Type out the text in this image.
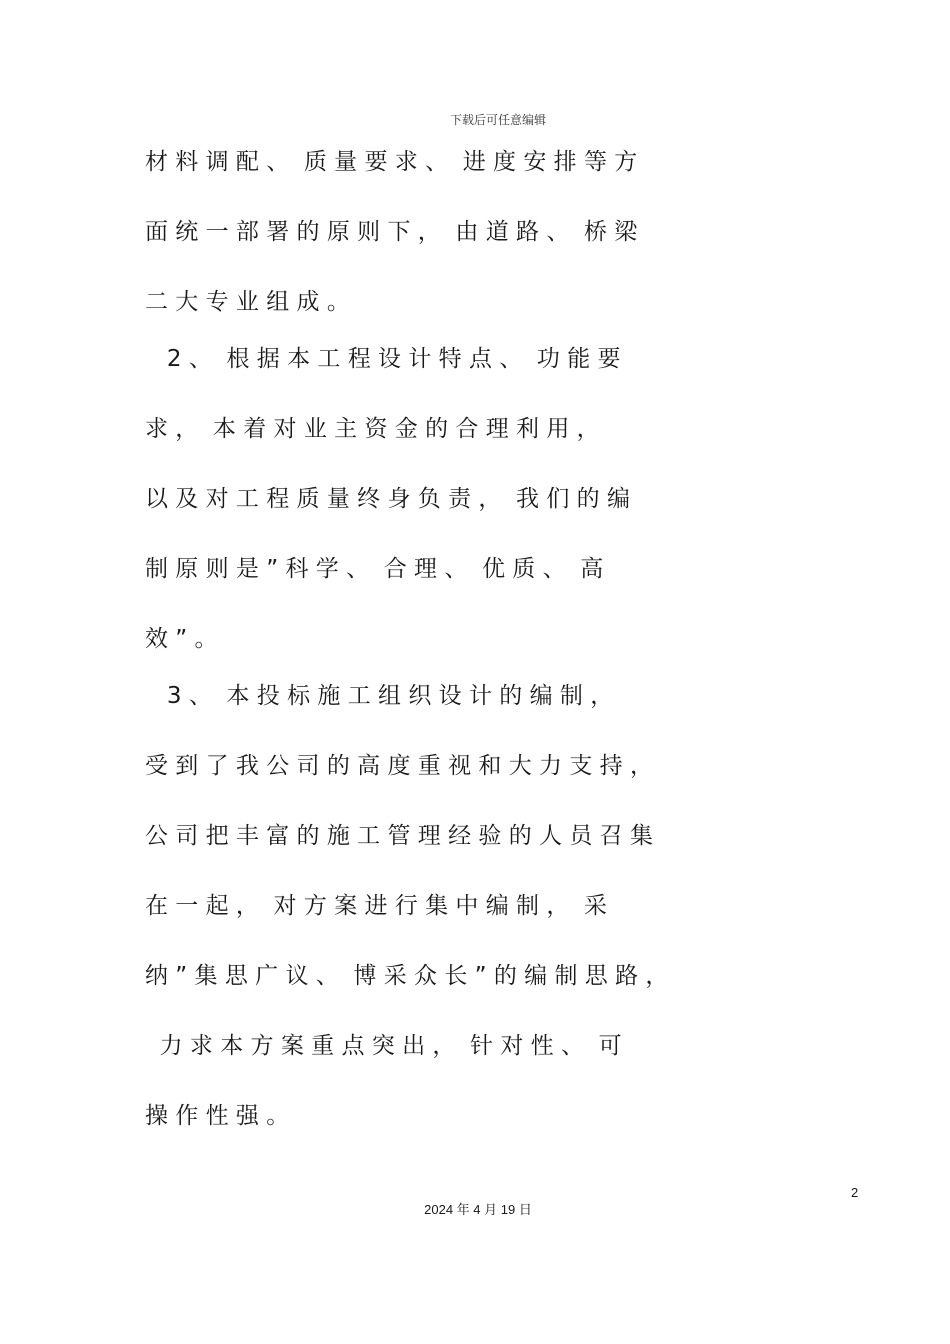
下载后可任意编辑
材 料 调 配 、  质 量 要 求 、  进 度 安 排 等 方
面 统 一 部 署 的 原 则 下 ，  由 道 路 、  桥 梁
二 大 专 业 组 成 。
2 、  根 据 本 工 程 设 计 特 点 、  功 能 要
求 ，  本 着 对 业 主 资 金 的 合 理 利 用 ，
以 及 对 工 程 质 量 终 身 负 责 ，  我 们 的 编
制 原 则 是 ” 科 学 、  合 理 、  优 质 、  高
效 ” 。
3 、  本 投 标 施 工 组 织 设 计 的 编 制 ，
受 到 了 我 公 司 的 高 度 重 视 和 大 力 支 持 ，
公 司 把 丰 富 的 施 工 管 理 经 验 的 人 员 召 集
在 一 起 ，  对 方 案 进 行 集 中 编 制 ，  采
纳 ” 集 思 广 议 、  博 采 众 长 ” 的 编 制 思 路 ，
力 求 本 方 案 重 点 突 出 ，  针 对 性 、  可
操 作 性 强 。
2
2024 年 4 月 19 日
